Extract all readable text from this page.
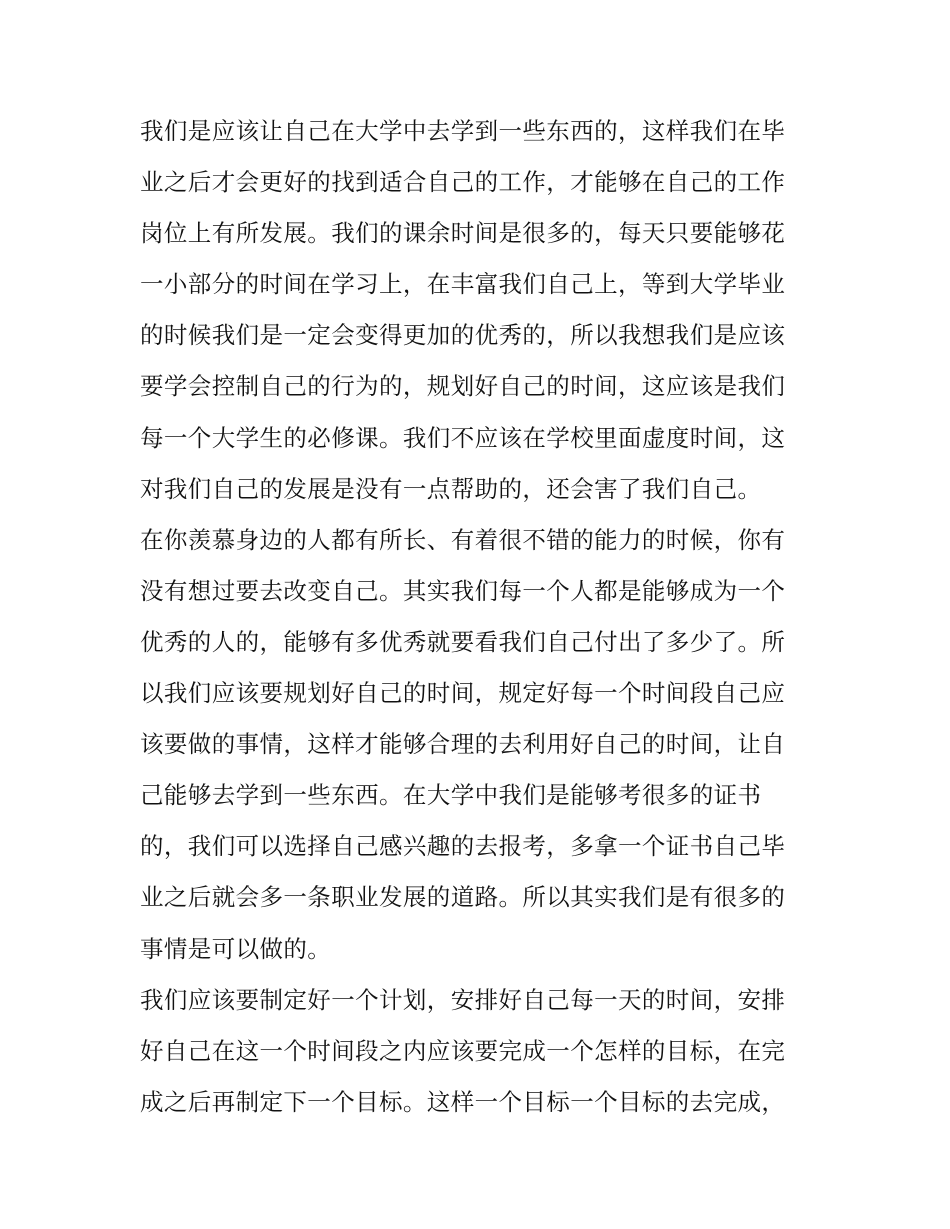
我们是应该让自己在大学中去学到一些东西的，这样我们在毕
业之后才会更好的找到适合自己的工作，才能够在自己的工作
岗位上有所发展。我们的课余时间是很多的，每天只要能够花
一小部分的时间在学习上，在丰富我们自己上，等到大学毕业
的时候我们是一定会变得更加的优秀的，所以我想我们是应该
要学会控制自己的行为的，规划好自己的时间，这应该是我们
每一个大学生的必修课。我们不应该在学校里面虚度时间，这
对我们自己的发展是没有一点帮助的，还会害了我们自己。
在你羡慕身边的人都有所长、有着很不错的能力的时候，你有
没有想过要去改变自己。其实我们每一个人都是能够成为一个
优秀的人的，能够有多优秀就要看我们自己付出了多少了。所
以我们应该要规划好自己的时间，规定好每一个时间段自己应
该要做的事情，这样才能够合理的去利用好自己的时间，让自
己能够去学到一些东西。在大学中我们是能够考很多的证书
的，我们可以选择自己感兴趣的去报考，多拿一个证书自己毕
业之后就会多一条职业发展的道路。所以其实我们是有很多的
事情是可以做的。
我们应该要制定好一个计划，安排好自己每一天的时间，安排
好自己在这一个时间段之内应该要完成一个怎样的目标，在完
成之后再制定下一个目标。这样一个目标一个目标的去完成，
